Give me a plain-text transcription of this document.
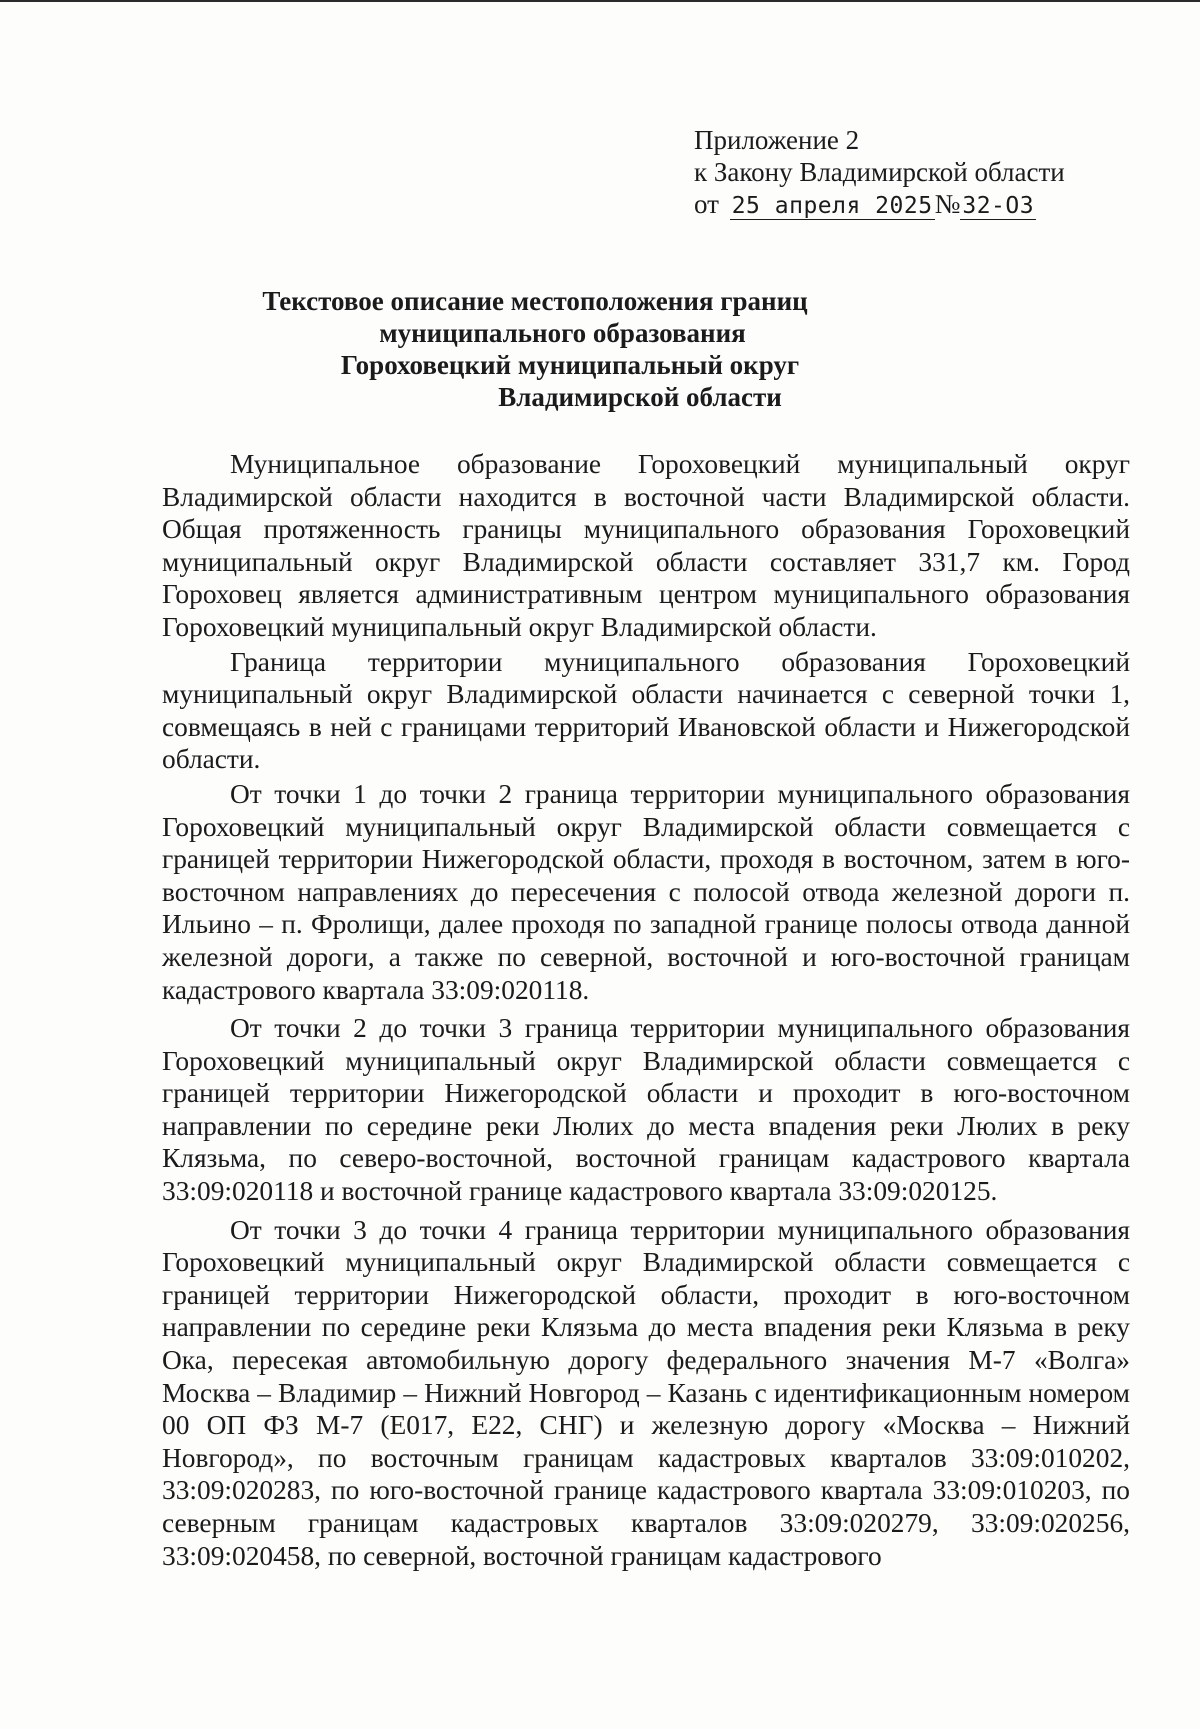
Приложение 2
к Закону Владимирской области
от 25 апреля 2025№32-ОЗ
Текстовое описание местоположения границ
муниципального образования
Гороховецкий муниципальный округ
Владимирской области

Муниципальное образование Гороховецкий муниципальный округ Владимирской области находится в восточной части Владимирской области. Общая протяженность границы муниципального образования Гороховецкий муниципальный округ Владимирской области составляет 331,7 км. Город Гороховец является административным центром муниципального образования Гороховецкий муниципальный округ Владимирской области.

Граница территории муниципального образования Гороховецкий муниципальный округ Владимирской области начинается с северной точки 1, совмещаясь в ней с границами территорий Ивановской области и Нижегородской области.

От точки 1 до точки 2 граница территории муниципального образования Гороховецкий муниципальный округ Владимирской области совмещается с границей территории Нижегородской области, проходя в восточном, затем в юго-восточном направлениях до пересечения с полосой отвода железной дороги п. Ильино – п. Фролищи, далее проходя по западной границе полосы отвода данной железной дороги, а также по северной, восточной и юго-восточной границам кадастрового квартала 33:09:020118.

От точки 2 до точки 3 граница территории муниципального образования Гороховецкий муниципальный округ Владимирской области совмещается с границей территории Нижегородской области и проходит в юго-восточном направлении по середине реки Люлих до места впадения реки Люлих в реку Клязьма, по северо-восточной, восточной границам кадастрового квартала 33:09:020118 и восточной границе кадастрового квартала 33:09:020125.

От точки 3 до точки 4 граница территории муниципального образования Гороховецкий муниципальный округ Владимирской области совмещается с границей территории Нижегородской области, проходит в юго-восточном направлении по середине реки Клязьма до места впадения реки Клязьма в реку Ока, пересекая автомобильную дорогу федерального значения М-7 «Волга» Москва – Владимир – Нижний Новгород – Казань с идентификационным номером 00 ОП ФЗ М-7 (Е017, Е22, СНГ) и железную дорогу «Москва – Нижний Новгород», по восточным границам кадастровых кварталов 33:09:010202, 33:09:020283, по юго-восточной границе кадастрового квартала 33:09:010203, по северным границам кадастровых кварталов 33:09:020279, 33:09:020256, 33:09:020458, по северной, восточной границам кадастрового
